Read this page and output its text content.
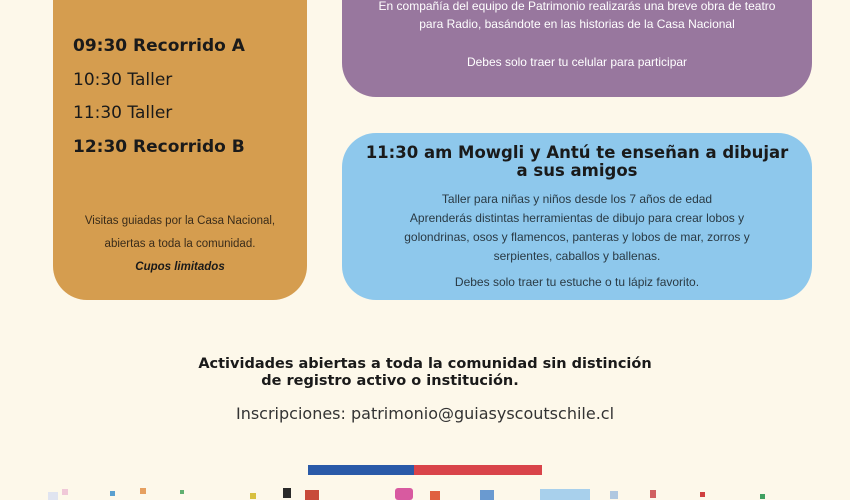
09:30 Recorrido A
10:30 Taller
11:30 Taller
12:30 Recorrido B
Visitas guiadas por la Casa Nacional,
abiertas a toda la comunidad.
Cupos limitados
En compañía del equipo de Patrimonio realizarás una breve obra de teatro
para Radio, basándote en las historias de la Casa Nacional
Debes solo traer tu celular para participar
11:30 am Mowgli y Antú te enseñan a dibujar a sus amigos
Taller para niñas y niños desde los 7 años de edad
Aprenderás distintas herramientas de dibujo para crear lobos y
golondrinas, osos y flamencos, panteras y lobos de mar, zorros y
serpientes, caballos y ballenas.
Debes solo traer tu estuche o tu lápiz favorito.
Actividades abiertas a toda la comunidad sin distinción
de registro activo o institución.
Inscripciones: patrimonio@guiasyscoutschile.cl
